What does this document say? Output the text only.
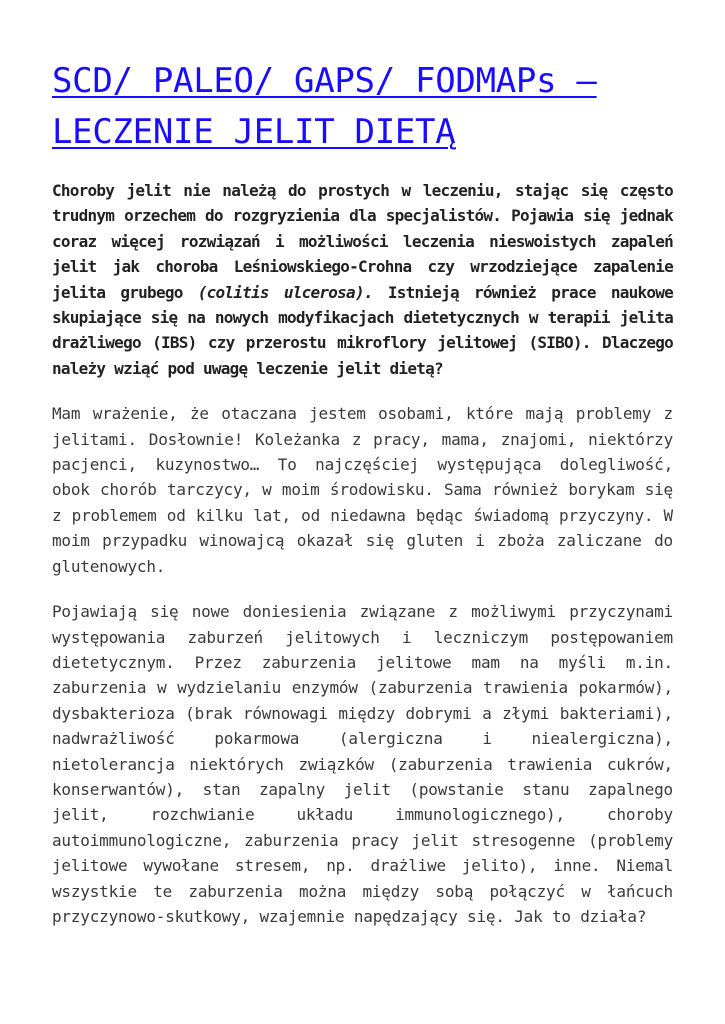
SCD/ PALEO/ GAPS/ FODMAPs – LECZENIE JELIT DIETĄ

Choroby jelit nie należą do prostych w leczeniu, stając się często trudnym orzechem do rozgryzienia dla specjalistów. Pojawia się jednak coraz więcej rozwiązań i możliwości leczenia nieswoistych zapaleń jelit jak choroba Leśniowskiego-Crohna czy wrzodziejące zapalenie jelita grubego (colitis ulcerosa). Istnieją również prace naukowe skupiające się na nowych modyfikacjach dietetycznych w terapii jelita drażliwego (IBS) czy przerostu mikroflory jelitowej (SIBO). Dlaczego należy wziąć pod uwagę leczenie jelit dietą?

Mam wrażenie, że otaczana jestem osobami, które mają problemy z jelitami. Dosłownie! Koleżanka z pracy, mama, znajomi, niektórzy pacjenci, kuzynostwo… To najczęściej występująca dolegliwość, obok chorób tarczycy, w moim środowisku. Sama również borykam się z problemem od kilku lat, od niedawna będąc świadomą przyczyny. W moim przypadku winowajcą okazał się gluten i zboża zaliczane do glutenowych.

Pojawiają się nowe doniesienia związane z możliwymi przyczynami występowania zaburzeń jelitowych i leczniczym postępowaniem dietetycznym. Przez zaburzenia jelitowe mam na myśli m.in. zaburzenia w wydzielaniu enzymów (zaburzenia trawienia pokarmów), dysbakterioza (brak równowagi między dobrymi a złymi bakteriami), nadwrażliwość pokarmowa (alergiczna i niealergiczna), nietolerancja niektórych związków (zaburzenia trawienia cukrów, konserwantów), stan zapalny jelit (powstanie stanu zapalnego jelit, rozchwianie układu immunologicznego), choroby autoimmunologiczne, zaburzenia pracy jelit stresogenne (problemy jelitowe wywołane stresem, np. drażliwe jelito), inne. Niemal wszystkie te zaburzenia można między sobą połączyć w łańcuch przyczynowo-skutkowy, wzajemnie napędzający się. Jak to działa?
